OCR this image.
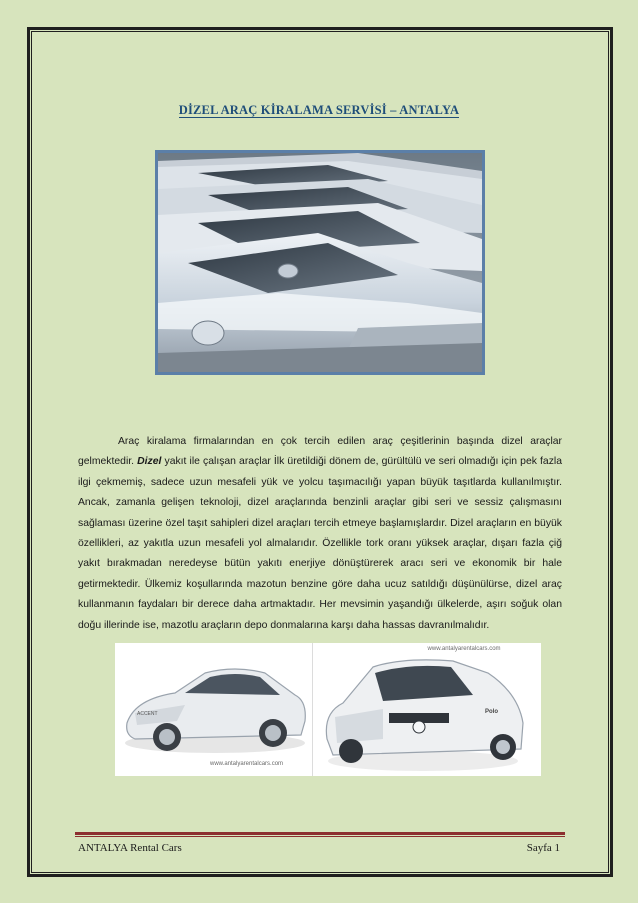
DİZEL ARAÇ KİRALAMA SERVİSİ – ANTALYA

Araç kiralama firmalarından en çok tercih edilen araç çeşitlerinin başında dizel araçlar gelmektedir. Dizel yakıt ile çalışan araçlar İlk üretildiği dönem de, gürültülü ve seri olmadığı için pek fazla ilgi çekmemiş, sadece uzun mesafeli yük ve yolcu taşımacılığı yapan büyük taşıtlarda kullanılmıştır. Ancak, zamanla gelişen teknoloji, dizel araçlarında benzinli araçlar gibi seri ve sessiz çalışmasını sağlaması üzerine özel taşıt sahipleri dizel araçları tercih etmeye başlamışlardır. Dizel araçların en büyük özellikleri, az yakıtla uzun mesafeli yol almalarıdır. Özellikle tork oranı yüksek araçlar, dışarı fazla çiğ yakıt bırakmadan neredeyse bütün yakıtı enerjiye dönüştürerek aracı seri ve ekonomik bir hale getirmektedir. Ülkemiz koşullarında mazotun benzine göre daha ucuz satıldığı düşünülürse, dizel araç kullanmanın faydaları bir derece daha artmaktadır. Her mevsimin yaşandığı ülkelerde, aşırı soğuk olan doğu illerinde ise, mazotlu araçların depo donmalarına karşı daha hassas davranılmalıdır.

ACCENT
www.antalyarentalcars.com
www.antalyarentalcars.com
Polo
ANTALYA Rental Cars	Sayfa 1
